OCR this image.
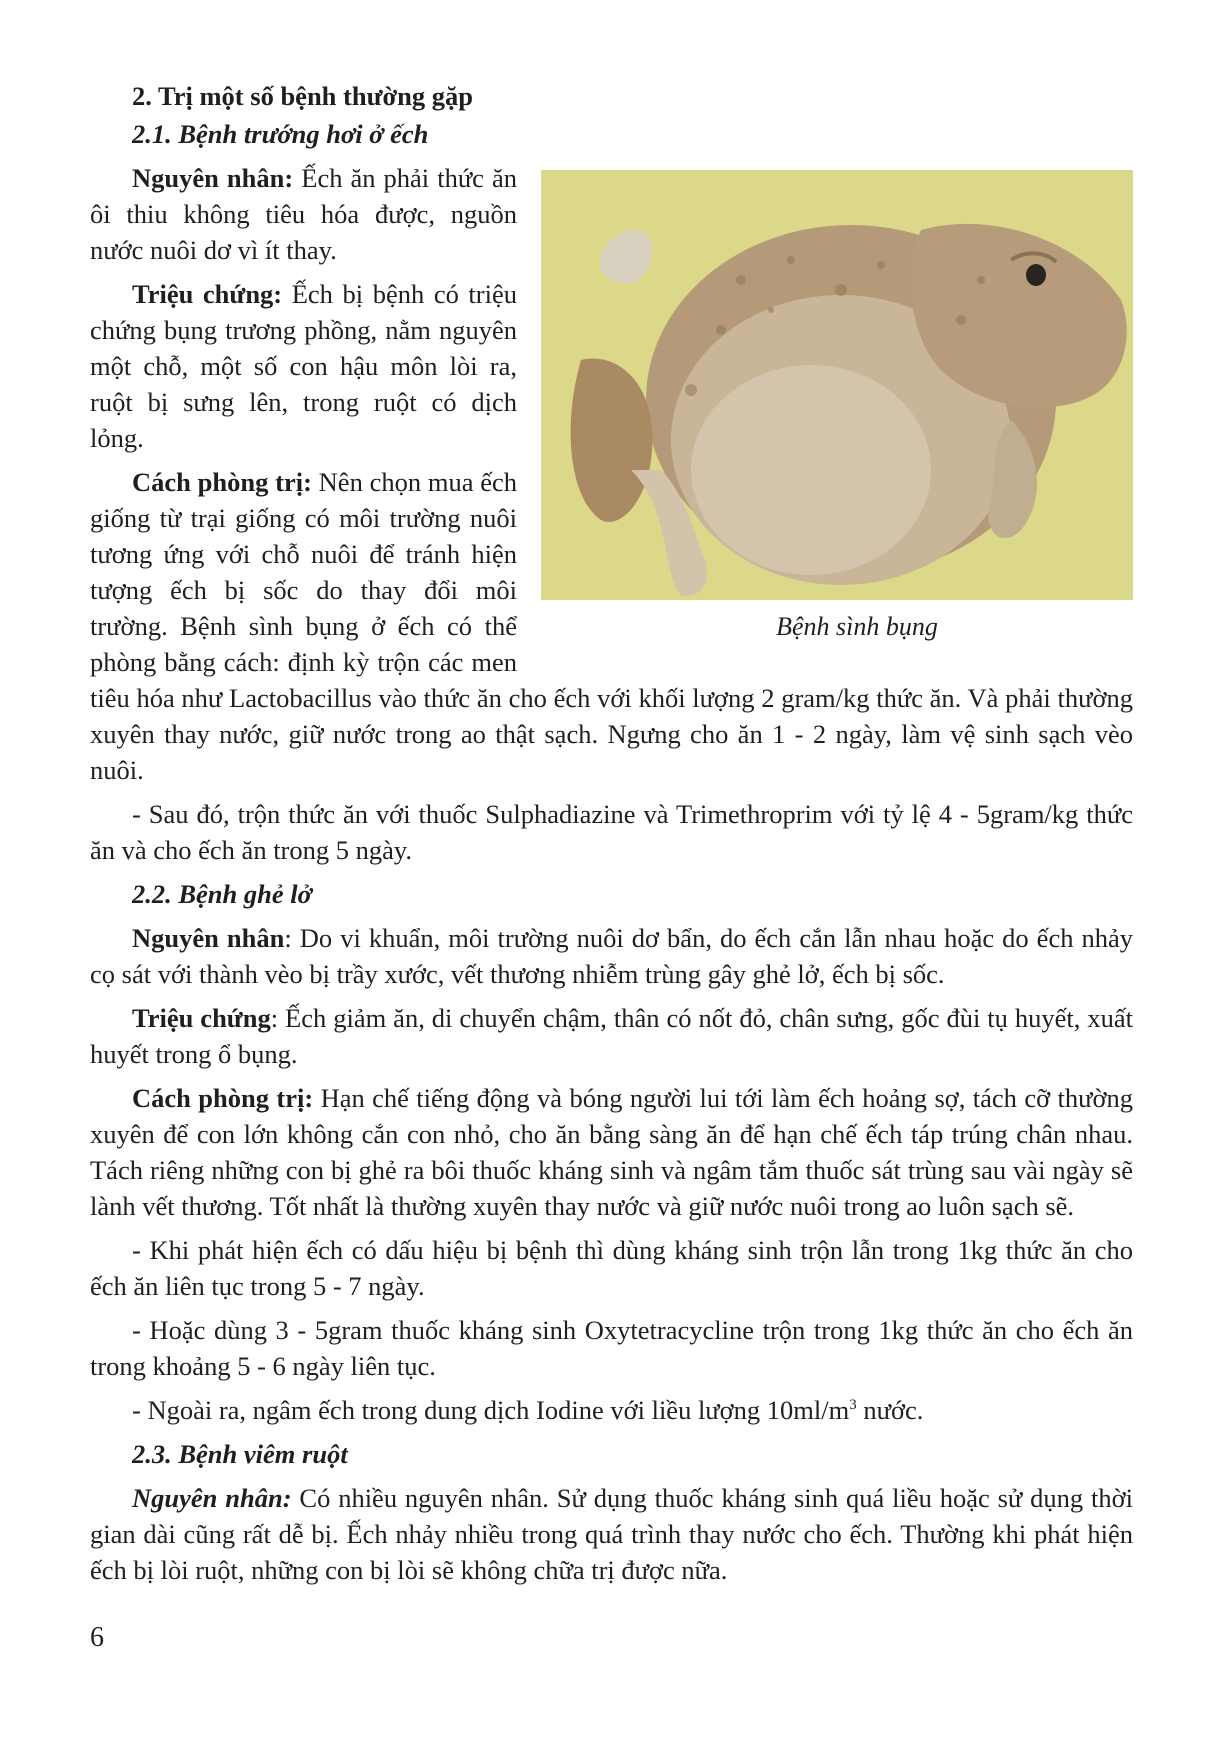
2. Trị một số bệnh thường gặp

2.1. Bệnh trướng hơi ở ếch

Bệnh sình bụng

Nguyên nhân: Ếch ăn phải thức ăn ôi thiu không tiêu hóa được, nguồn nước nuôi dơ vì ít thay.

Triệu chứng: Ếch bị bệnh có triệu chứng bụng trương phồng, nằm nguyên một chỗ, một số con hậu môn lòi ra, ruột bị sưng lên, trong ruột có dịch lỏng.

Cách phòng trị: Nên chọn mua ếch giống từ trại giống có môi trường nuôi tương ứng với chỗ nuôi để tránh hiện tượng ếch bị sốc do thay đổi môi trường. Bệnh sình bụng ở ếch có thể phòng bằng cách: định kỳ trộn các men tiêu hóa như Lactobacillus vào thức ăn cho ếch với khối lượng 2 gram/kg thức ăn. Và phải thường xuyên thay nước, giữ nước trong ao thật sạch. Ngưng cho ăn 1 - 2 ngày, làm vệ sinh sạch vèo nuôi.

- Sau đó, trộn thức ăn với thuốc Sulphadiazine và Trimethroprim với tỷ lệ 4 - 5gram/kg thức ăn và cho ếch ăn trong 5 ngày.

2.2. Bệnh ghẻ lở

Nguyên nhân: Do vi khuẩn, môi trường nuôi dơ bẩn, do ếch cắn lẫn nhau hoặc do ếch nhảy cọ sát với thành vèo bị trầy xước, vết thương nhiễm trùng gây ghẻ lở, ếch bị sốc.

Triệu chứng: Ếch giảm ăn, di chuyển chậm, thân có nốt đỏ, chân sưng, gốc đùi tụ huyết, xuất huyết trong ổ bụng.

Cách phòng trị: Hạn chế tiếng động và bóng người lui tới làm ếch hoảng sợ, tách cỡ thường xuyên để con lớn không cắn con nhỏ, cho ăn bằng sàng ăn để hạn chế ếch táp trúng chân nhau. Tách riêng những con bị ghẻ ra bôi thuốc kháng sinh và ngâm tắm thuốc sát trùng sau vài ngày sẽ lành vết thương. Tốt nhất là thường xuyên thay nước và giữ nước nuôi trong ao luôn sạch sẽ.

- Khi phát hiện ếch có dấu hiệu bị bệnh thì dùng kháng sinh trộn lẫn trong 1kg thức ăn cho ếch ăn liên tục trong 5 - 7 ngày.

- Hoặc dùng 3 - 5gram thuốc kháng sinh Oxytetracycline trộn trong 1kg thức ăn cho ếch ăn trong khoảng 5 - 6 ngày liên tục.

- Ngoài ra, ngâm ếch trong dung dịch Iodine với liều lượng $10ml/m^3$ nước.

2.3. Bệnh viêm ruột

Nguyên nhân: Có nhiều nguyên nhân. Sử dụng thuốc kháng sinh quá liều hoặc sử dụng thời gian dài cũng rất dễ bị. Ếch nhảy nhiều trong quá trình thay nước cho ếch. Thường khi phát hiện ếch bị lòi ruột, những con bị lòi sẽ không chữa trị được nữa.

6
